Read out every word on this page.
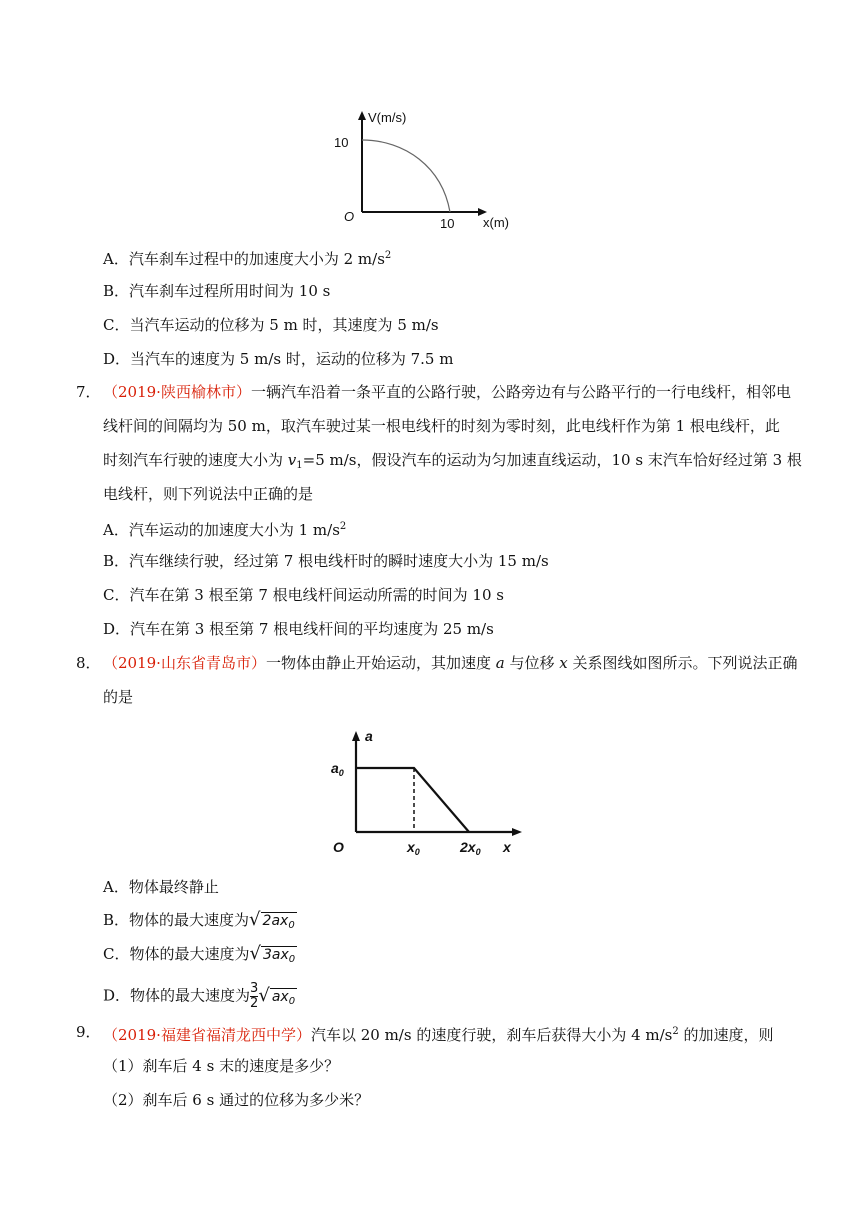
V(m/s)
10
O	10 x(m)
A．汽车刹车过程中的加速度大小为 2 $m/s^2$
B．汽车刹车过程所用时间为 10 s
C．当汽车运动的位移为 5 m 时，其速度为 5 m/s
D．当汽车的速度为 5 m/s 时，运动的位移为 7.5 m
7． （2019·陕西榆林市）一辆汽车沿着一条平直的公路行驶，公路旁边有与公路平行的一行电线杆，相邻电
线杆间的间隔均为 50 m，取汽车驶过某一根电线杆的时刻为零时刻，此电线杆作为第 1 根电线杆，此
时刻汽车行驶的速度大小为 $v_1=5$ m/s，假设汽车的运动为匀加速直线运动，10 s 末汽车恰好经过第 3 根
电线杆，则下列说法中正确的是
A．汽车运动的加速度大小为 1 $m/s^2$
B．汽车继续行驶，经过第 7 根电线杆时的瞬时速度大小为 15 m/s
C．汽车在第 3 根至第 7 根电线杆间运动所需的时间为 10 s
D．汽车在第 3 根至第 7 根电线杆间的平均速度为 25 m/s
8． （2019·山东省青岛市）一物体由静止开始运动，其加速度 a 与位移 x 关系图线如图所示。下列说法正确
的是
a
$a_0$
O	$x_0$	$2x_0$ x
A．物体最终静止
B．物体的最大速度为√ $2ax_0$
C．物体的最大速度为√ $3ax_0$
D．物体的最大速度为 $\frac{3}{2}$ √ $ax_0$
9． （2019·福建省福清龙西中学）汽车以 20 m/s 的速度行驶，刹车后获得大小为 4 $m/s^2$ 的加速度，则
（1）刹车后 4 s 末的速度是多少？
（2）刹车后 6 s 通过的位移为多少米？
